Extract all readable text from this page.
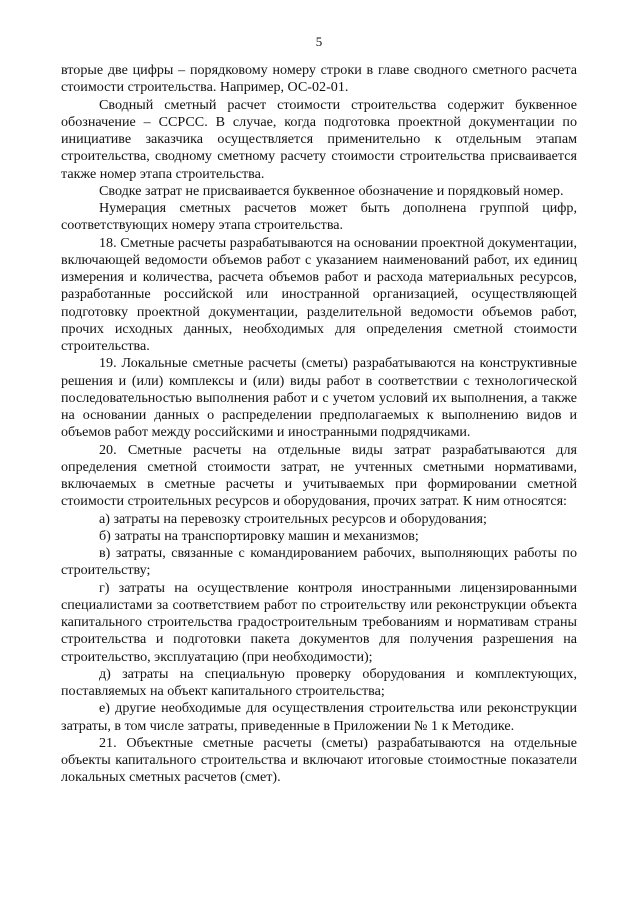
5

вторые две цифры – порядковому номеру строки в главе сводного сметного расчета стоимости строительства. Например, ОС-02-01.

Сводный сметный расчет стоимости строительства содержит буквенное обозначение – ССРСС. В случае, когда подготовка проектной документации по инициативе заказчика осуществляется применительно к отдельным этапам строительства, сводному сметному расчету стоимости строительства присваивается также номер этапа строительства.

Сводке затрат не присваивается буквенное обозначение и порядковый номер.

Нумерация сметных расчетов может быть дополнена группой цифр, соответствующих номеру этапа строительства.

18. Сметные расчеты разрабатываются на основании проектной документации, включающей ведомости объемов работ с указанием наименований работ, их единиц измерения и количества, расчета объемов работ и расхода материальных ресурсов, разработанные российской или иностранной организацией, осуществляющей подготовку проектной документации, разделительной ведомости объемов работ, прочих исходных данных, необходимых для определения сметной стоимости строительства.

19. Локальные сметные расчеты (сметы) разрабатываются на конструктивные решения и (или) комплексы и (или) виды работ в соответствии с технологической последовательностью выполнения работ и с учетом условий их выполнения, а также на основании данных о распределении предполагаемых к выполнению видов и объемов работ между российскими и иностранными подрядчиками.

20. Сметные расчеты на отдельные виды затрат разрабатываются для определения сметной стоимости затрат, не учтенных сметными нормативами, включаемых в сметные расчеты и учитываемых при формировании сметной стоимости строительных ресурсов и оборудования, прочих затрат. К ним относятся:

а) затраты на перевозку строительных ресурсов и оборудования;

б) затраты на транспортировку машин и механизмов;

в) затраты, связанные с командированием рабочих, выполняющих работы по строительству;

г) затраты на осуществление контроля иностранными лицензированными специалистами за соответствием работ по строительству или реконструкции объекта капитального строительства градостроительным требованиям и нормативам страны строительства и подготовки пакета документов для получения разрешения на строительство, эксплуатацию (при необходимости);

д) затраты на специальную проверку оборудования и комплектующих, поставляемых на объект капитального строительства;

е) другие необходимые для осуществления строительства или реконструкции затраты, в том числе затраты, приведенные в Приложении № 1 к Методике.

21. Объектные сметные расчеты (сметы) разрабатываются на отдельные объекты капитального строительства и включают итоговые стоимостные показатели локальных сметных расчетов (смет).
